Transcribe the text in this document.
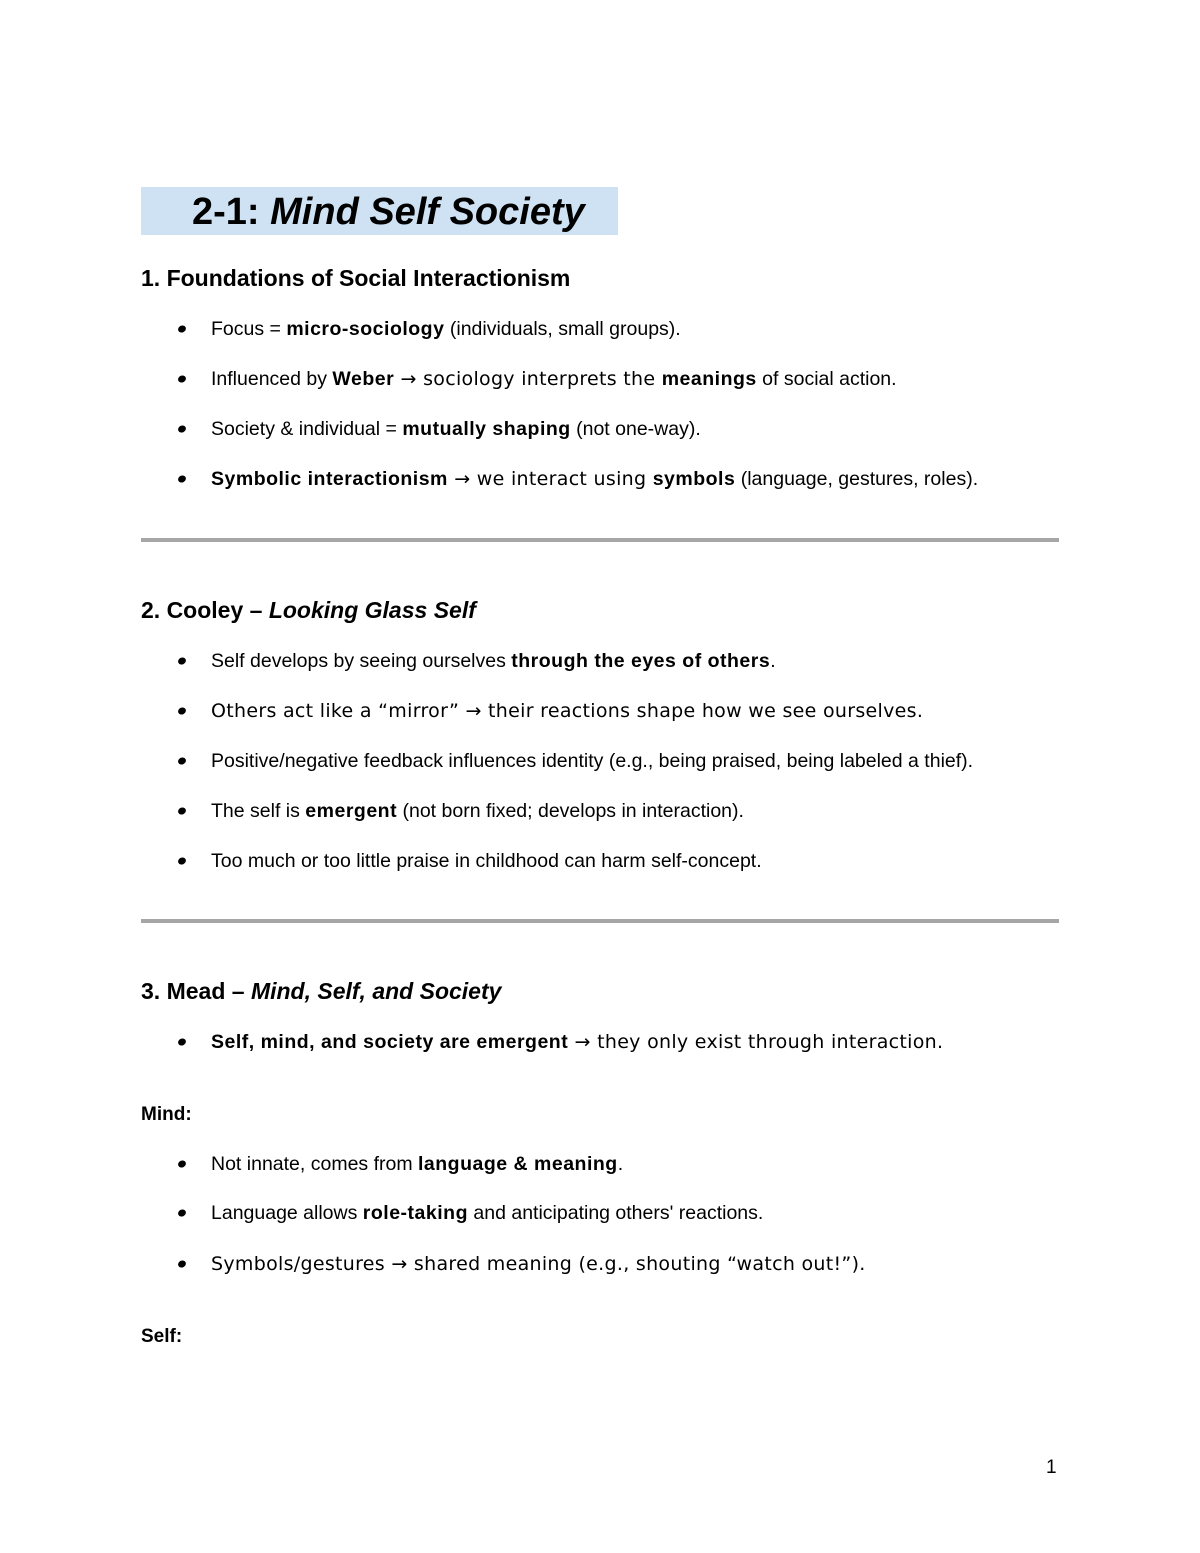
2-1: Mind Self Society
1. Foundations of Social Interactionism
Focus = micro-sociology (individuals, small groups).
Influenced by Weber → sociology interprets the meanings of social action.
Society & individual = mutually shaping (not one-way).
Symbolic interactionism → we interact using symbols (language, gestures, roles).
2. Cooley – Looking Glass Self
Self develops by seeing ourselves through the eyes of others.
Others act like a “mirror” → their reactions shape how we see ourselves.
Positive/negative feedback influences identity (e.g., being praised, being labeled a thief).
The self is emergent (not born fixed; develops in interaction).
Too much or too little praise in childhood can harm self-concept.
3. Mead – Mind, Self, and Society
Self, mind, and society are emergent → they only exist through interaction.
Mind:
Not innate, comes from language & meaning.
Language allows role-taking and anticipating others' reactions.
Symbols/gestures → shared meaning (e.g., shouting “watch out!”).
Self:
1
